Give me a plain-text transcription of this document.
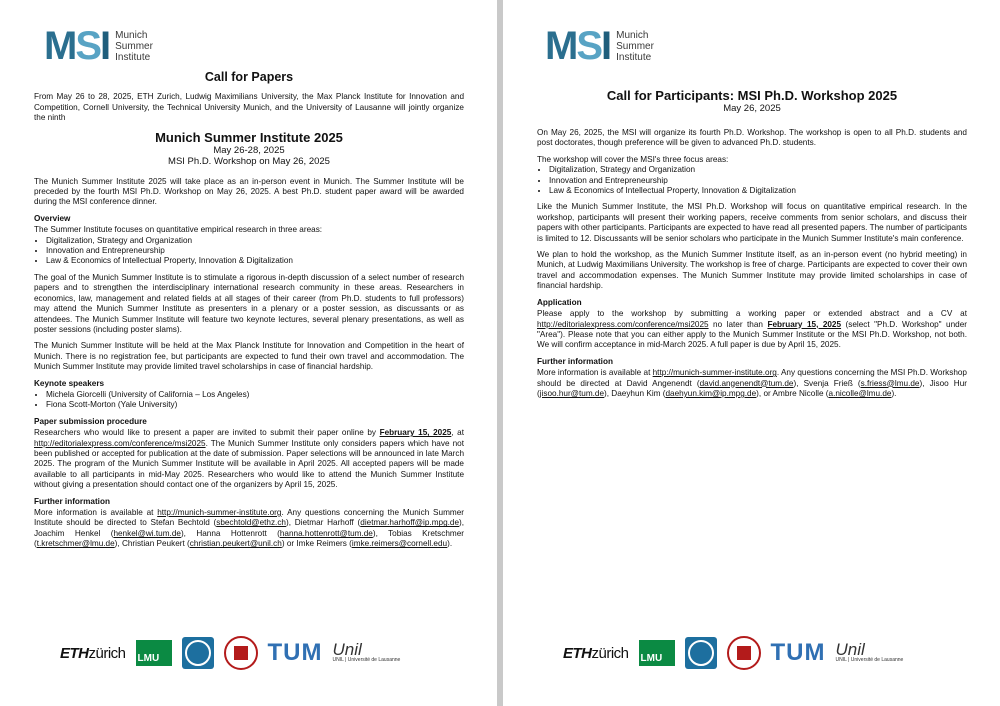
MSI Munich
Summer
Institute
Call for Papers

From May 26 to 28, 2025, ETH Zurich, Ludwig Maximilians University, the Max Planck Institute for Innovation and Competition, Cornell University, the Technical University Munich, and the University of Lausanne will jointly organize the ninth

Munich Summer Institute 2025
May 26-28, 2025
MSI Ph.D. Workshop on May 26, 2025

The Munich Summer Institute 2025 will take place as an in-person event in Munich. The Summer Institute will be preceded by the fourth MSI Ph.D. Workshop on May 26, 2025. A best Ph.D. student paper award will be awarded during the MSI conference dinner.

Overview
The Summer Institute focuses on quantitative empirical research in three areas:
• Digitalization, Strategy and Organization
• Innovation and Entrepreneurship
• Law & Economics of Intellectual Property, Innovation & Digitalization

The goal of the Munich Summer Institute is to stimulate a rigorous in-depth discussion of a select number of research papers and to strengthen the interdisciplinary international research community in these areas. Researchers in economics, law, management and related fields at all stages of their career (from Ph.D. students to full professors) may attend the Munich Summer Institute as presenters in a plenary or a poster session, as discussants or as attendees. The Munich Summer Institute will feature two keynote lectures, several plenary presentations, as well as poster sessions (including poster slams).

The Munich Summer Institute will be held at the Max Planck Institute for Innovation and Competition in the heart of Munich. There is no registration fee, but participants are expected to fund their own travel and accommodation. The Munich Summer Institute may provide limited travel scholarships in case of financial hardship.

Keynote speakers
• Michela Giorcelli (University of California – Los Angeles)
• Fiona Scott-Morton (Yale University)
Paper submission procedure

Researchers who would like to present a paper are invited to submit their paper online by February 15, 2025, at http://editorialexpress.com/conference/msi2025. The Munich Summer Institute only considers papers which have not been published or accepted for publication at the date of submission. Paper selections will be announced in late March 2025. The program of the Munich Summer Institute will be available in April 2025. All accepted papers will be made available to all participants in mid-May 2025. Researchers who would like to attend the Munich Summer Institute without giving a presentation should contact one of the organizers by April 15, 2025.

Further information

More information is available at http://munich-summer-institute.org. Any questions concerning the Munich Summer Institute should be directed to Stefan Bechtold (sbechtold@ethz.ch), Dietmar Harhoff (dietmar.harhoff@ip.mpg.de), Joachim Henkel (henkel@wi.tum.de), Hanna Hottenrott (hanna.hottenrott@tum.de), Tobias Kretschmer (t.kretschmer@lmu.de), Christian Peukert (christian.peukert@unil.ch) or Imke Reimers (imke.reimers@cornell.edu).

ETHzürich LMU	TUM Unil
UNIL | Université de Lausanne
MSI Munich
Summer
Institute
Call for Participants: MSI Ph.D. Workshop 2025
May 26, 2025

On May 26, 2025, the MSI will organize its fourth Ph.D. Workshop. The workshop is open to all Ph.D. students and post doctorates, though preference will be given to advanced Ph.D. students.

The workshop will cover the MSI's three focus areas:
• Digitalization, Strategy and Organization
• Innovation and Entrepreneurship
• Law & Economics of Intellectual Property, Innovation & Digitalization

Like the Munich Summer Institute, the MSI Ph.D. Workshop will focus on quantitative empirical research. In the workshop, participants will present their working papers, receive comments from senior scholars, and discuss their papers with other participants. Participants are expected to have read all presented papers. The number of participants is limited to 12. Discussants will be senior scholars who participate in the Munich Summer Institute's main conference.

We plan to hold the workshop, as the Munich Summer Institute itself, as an in-person event (no hybrid meeting) in Munich, at Ludwig Maximilians University. The workshop is free of charge. Participants are expected to cover their own travel and accommodation expenses. The Munich Summer Institute may provide limited scholarships in case of financial hardship.

Application

Please apply to the workshop by submitting a working paper or extended abstract and a CV at http://editorialexpress.com/conference/msi2025 no later than February 15, 2025 (select "Ph.D. Workshop" under "Area"). Please note that you can either apply to the Munich Summer Institute or the MSI Ph.D. Workshop, not both. We will confirm acceptance in mid-March 2025. A full paper is due by April 15, 2025.

Further information

More information is available at http://munich-summer-institute.org. Any questions concerning the MSI Ph.D. Workshop should be directed at David Angenendt (david.angenendt@tum.de), Svenja Frieß (s.friess@lmu.de), Jisoo Hur (jisoo.hur@tum.de), Daeyhun Kim (daehyun.kim@ip.mpg.de), or Ambre Nicolle (a.nicolle@lmu.de).

ETHzürich LMU	TUM Unil
UNIL | Université de Lausanne
